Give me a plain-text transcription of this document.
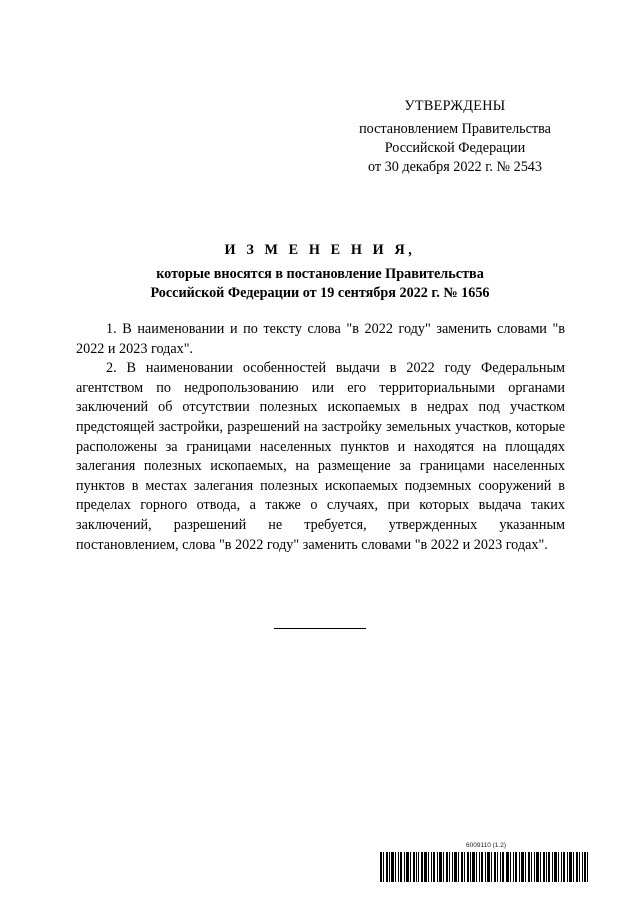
УТВЕРЖДЕНЫ
постановлением Правительства
Российской Федерации
от 30 декабря 2022 г. № 2543
И З М Е Н Е Н И Я,
которые вносятся в постановление Правительства
Российской Федерации от 19 сентября 2022 г. № 1656

1. В наименовании и по тексту слова "в 2022 году" заменить словами "в 2022 и 2023 годах".

2. В наименовании особенностей выдачи в 2022 году Федеральным агентством по недропользованию или его территориальными органами заключений об отсутствии полезных ископаемых в недрах под участком предстоящей застройки, разрешений на застройку земельных участков, которые расположены за границами населенных пунктов и находятся на площадях залегания полезных ископаемых, на размещение за границами населенных пунктов в местах залегания полезных ископаемых подземных сооружений в пределах горного отвода, а также о случаях, при которых выдача таких заключений, разрешений не требуется, утвержденных указанным постановлением, слова "в 2022 году" заменить словами "в 2022 и 2023 годах".

6009110 (1.2)
